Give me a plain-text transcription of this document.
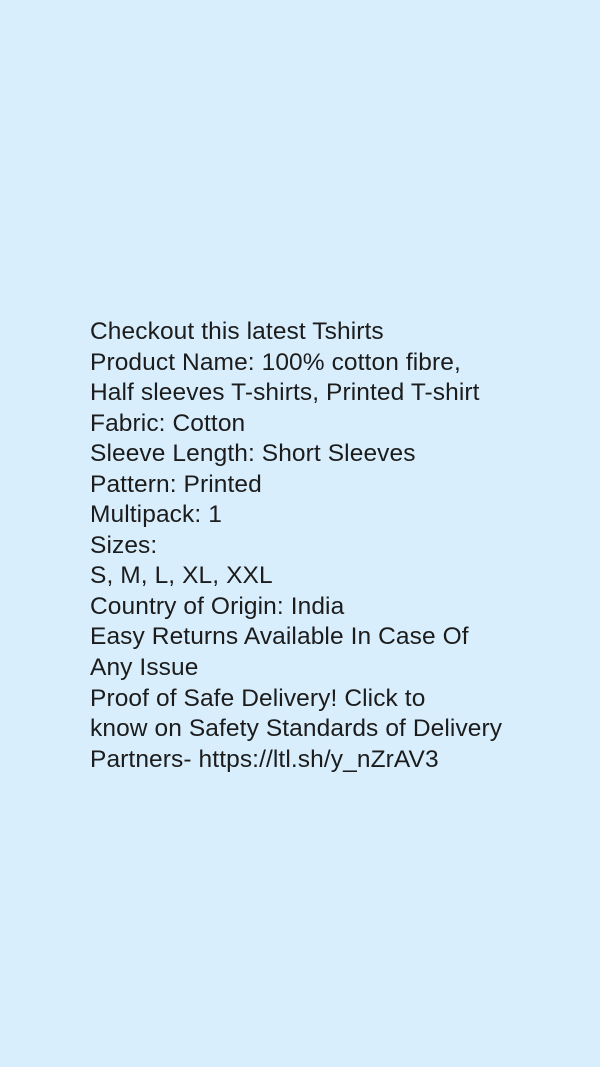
Checkout this latest Tshirts
Product Name: 100% cotton fibre,
Half sleeves T-shirts, Printed T-shirt
Fabric: Cotton
Sleeve Length: Short Sleeves
Pattern: Printed
Multipack: 1
Sizes:
S, M, L, XL, XXL
Country of Origin: India
Easy Returns Available In Case Of
Any Issue
Proof of Safe Delivery! Click to
know on Safety Standards of Delivery
Partners- https://ltl.sh/y_nZrAV3
